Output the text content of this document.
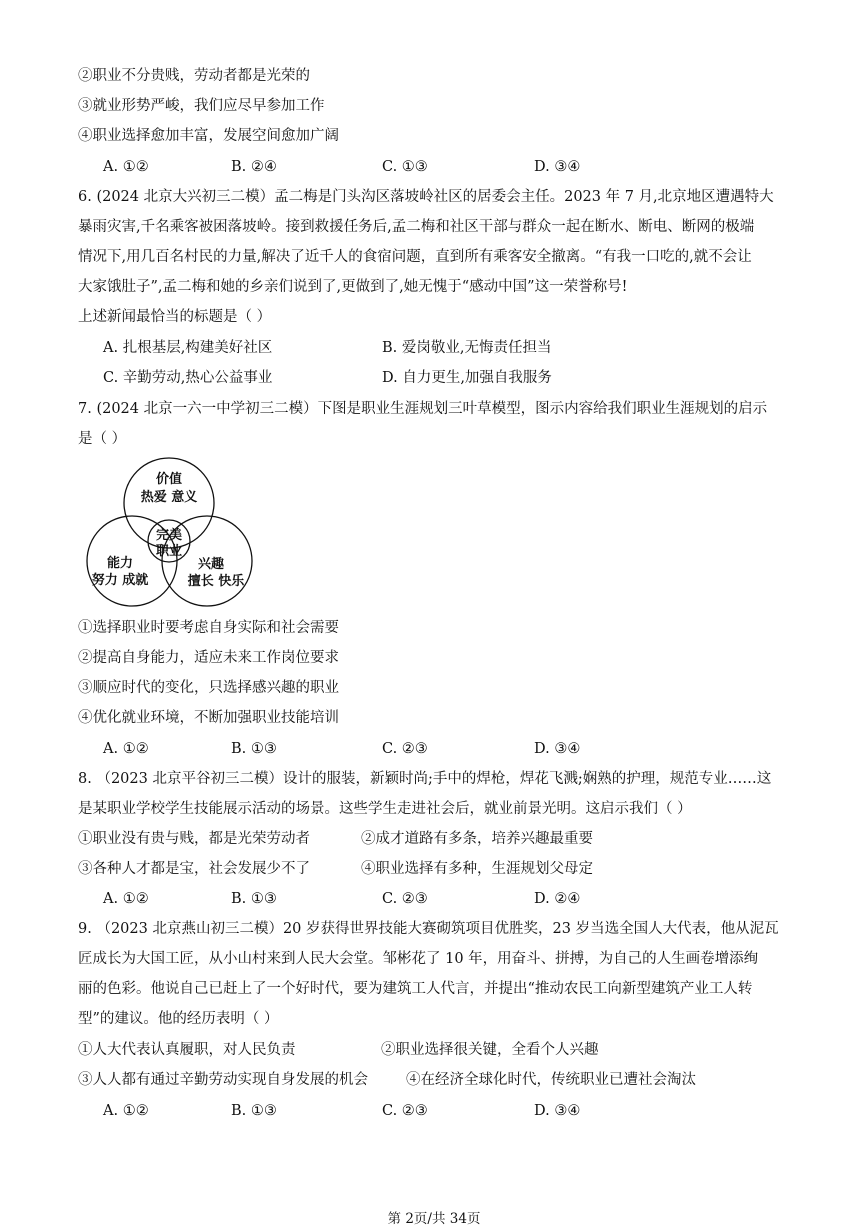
②职业不分贵贱，劳动者都是光荣的
③就业形势严峻，我们应尽早参加工作
④职业选择愈加丰富，发展空间愈加广阔
A. ①②	B. ②④	C. ①③	D. ③④
6. (2024 北京大兴初三二模）孟二梅是门头沟区落坡岭社区的居委会主任。2023 年 7 月,北京地区遭遇特大
暴雨灾害,千名乘客被困落坡岭。接到救援任务后,孟二梅和社区干部与群众一起在断水、断电、断网的极端
情况下,用几百名村民的力量,解决了近千人的食宿问题，直到所有乘客安全撤离。“有我一口吃的,就不会让
大家饿肚子”,孟二梅和她的乡亲们说到了,更做到了,她无愧于“感动中国”这一荣誉称号!
上述新闻最恰当的标题是（ ）
A. 扎根基层,构建美好社区	B. 爱岗敬业,无悔责任担当
C. 辛勤劳动,热心公益事业	D. 自力更生,加强自我服务
7. (2024 北京一六一中学初三二模）下图是职业生涯规划三叶草模型，图示内容给我们职业生涯规划的启示
是（ ）
价值
热爱 意义
能力
努力 成就
兴趣
擅长 快乐
完美
职业
①选择职业时要考虑自身实际和社会需要
②提高自身能力，适应未来工作岗位要求
③顺应时代的变化，只选择感兴趣的职业
④优化就业环境，不断加强职业技能培训
A. ①②	B. ①③	C. ②③	D. ③④
8. （2023 北京平谷初三二模）设计的服装，新颖时尚;手中的焊枪，焊花飞溅;娴熟的护理，规范专业……这
是某职业学校学生技能展示活动的场景。这些学生走进社会后，就业前景光明。这启示我们（ ）
①职业没有贵与贱，都是光荣劳动者	②成才道路有多条，培养兴趣最重要
③各种人才都是宝，社会发展少不了	④职业选择有多种，生涯规划父母定
A. ①②	B. ①③	C. ②③	D. ②④
9. （2023 北京燕山初三二模）20 岁获得世界技能大赛砌筑项目优胜奖，23 岁当选全国人大代表，他从泥瓦
匠成长为大国工匠，从小山村来到人民大会堂。邹彬花了 10 年，用奋斗、拼搏，为自己的人生画卷增添绚
丽的色彩。他说自己已赶上了一个好时代，要为建筑工人代言，并提出“推动农民工向新型建筑产业工人转
型”的建议。他的经历表明（ ）
①人大代表认真履职，对人民负责	②职业选择很关键，全看个人兴趣
③人人都有通过辛勤劳动实现自身发展的机会	④在经济全球化时代，传统职业已遭社会淘汰
A. ①②	B. ①③	C. ②③	D. ③④
第 2页/共 34页
